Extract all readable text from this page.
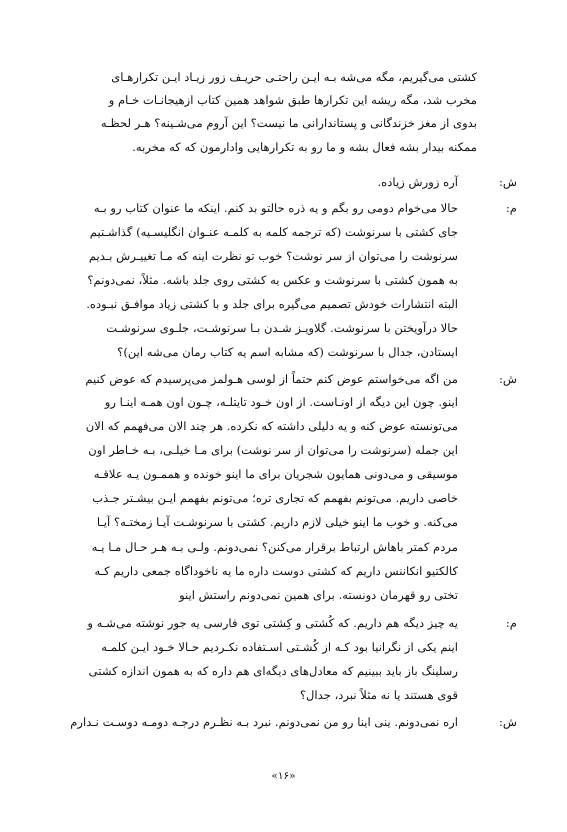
کشتی می‌گیریم، مگه می‌شه بـه ایـن راحتـی حریـف زور زیـاد ایـن تکرارهـای
مخرب شد، مگه ریشه این تکرارها طبق شواهد همین کتاب ازهیجانـات خـام و
بدوی از مغز خزندگانی و پستاندارانی ما نیست؟ این آروم می‌شـینه؟ هـر لحظـه
ممکنه بیدار بشه فعال بشه و ما رو به تکرارهایی وادارمون که که مخربه.
ش:
آره زورش زیاده.
م:
حالا می‌خوام دومی رو بگم و یه ذره حالتو بد کنم. اینکه ما عنوان کتاب رو بـه
جای کشتی با سرنوشت (که ترجمه کلمه به کلمـه عنـوان انگلیسـیه) گذاشـتیم
سرنوشت را می‌توان از سر نوشت؟ خوب تو نظرت اینه که مـا تغییـرش بـدیم
به همون کشتی با سرنوشت و عکس یه کشتی روی جلد باشه. مثلاً، نمی‌دونم؟
البته انتشارات خودش تصمیم می‌گیره برای جلد و با کشتی زیاد موافـق نبـوده.
حالا درآویختن با سرنوشت. گلاویـز شـدن بـا سرنوشـت، جلـوی سرنوشـت
ایستادن، جدال با سرنوشت (که مشابه اسم یه کتاب رمان می‌شه این)؟
ش:
من اگه می‌خواستم عوض کنم حتماً از لوسی هـولمز می‌پرسیدم که عوض کنیم
اینو. چون این دیگه از اونـاست. از اون خـود تایتلـه، چـون اون همـه اینـا رو
می‌تونسته عوض کنه و یه دلیلی داشته که نکرده. هر چند الان می‌فهمم که الان
این جمله (سرنوشت را می‌توان از سر نوشت) برای مـا خیلـی، بـه خـاطر اون
موسیقی و می‌دونی همایون شجریان برای ما اینو خونده و هممـون یـه علاقـه
خاصی داریم. می‌تونم بفهمم که تجاری تره؛ می‌تونم بفهمم ایـن بیشـتر جـذب
می‌کنه. و خوب ما اینو خیلی لازم داریم. کشتی با سرنوشـت آیـا زمختـه؟ آیـا
مردم کمتر باهاش ارتباط برقرار می‌کنن؟ نمی‌دونم. ولـی بـه هـر حـال مـا یـه
کالکتیو انکاننس داریم که کشتی دوست داره ما یه ناخوداگاه جمعی داریم کـه
تختی رو قهرمان دونسته. برای همین نمی‌دونم راستش اینو
م:
یه چیز دیگه هم داریم. که کُشتی و کِشتی توی فارسی یه جور نوشته می‌شـه و
اینم یکی از نگرانیا بود کـه از کُشـتی اسـتفاده نکـردیم حـالا خـود ایـن کلمـه
رسلینگ باز باید ببینیم که معادل‌های دیگه‌ای هم داره که به همون اندازه کشتی
قوی هستند یا نه مثلاً نبرد، جدال؟
ش:
اره نمی‌دونم. ینی اینا رو من نمی‌دونم. نبرد بـه نظـرم درجـه دومـه دوسـت نـدارم
«۱۶»
